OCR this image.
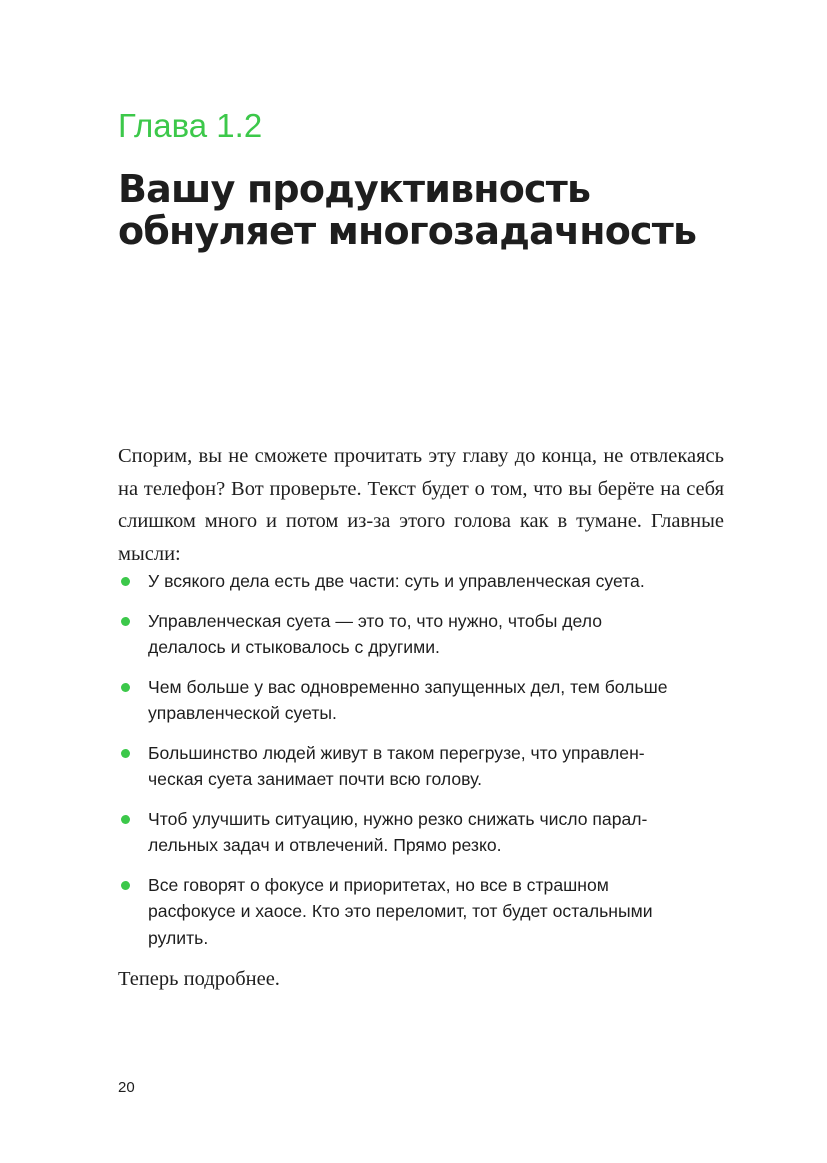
Глава 1.2
Вашу продуктивность
обнуляет многозадачность

Спорим, вы не сможете прочитать эту главу до конца, не отвлекаясь на телефон? Вот проверьте. Текст будет о том, что вы берёте на себя слишком много и потом из-за этого голова как в тумане. Главные мысли:

У всякого дела есть две части: суть и управленческая суета.
Управленческая суета — это то, что нужно, чтобы дело
делалось и стыковалось с другими.
Чем больше у вас одновременно запущенных дел, тем больше
управленческой суеты.
Большинство людей живут в таком перегрузе, что управлен-
ческая суета занимает почти всю голову.
Чтоб улучшить ситуацию, нужно резко снижать число парал-
лельных задач и отвлечений. Прямо резко.
Все говорят о фокусе и приоритетах, но все в страшном
расфокусе и хаосе. Кто это переломит, тот будет остальными
рулить.

Теперь подробнее.

20
